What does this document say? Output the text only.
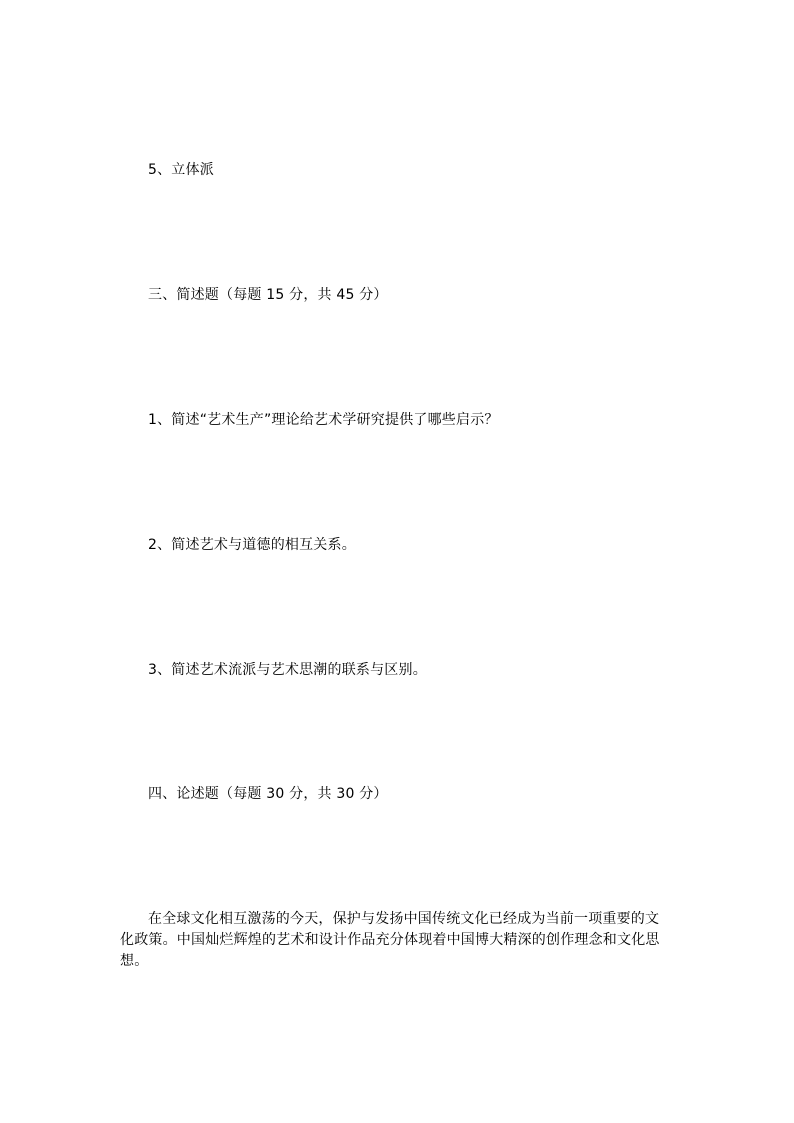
5、立体派
三、简述题（每题 15 分，共 45 分）
1、简述“艺术生产”理论给艺术学研究提供了哪些启示？
2、简述艺术与道德的相互关系。
3、简述艺术流派与艺术思潮的联系与区别。
四、论述题（每题 30 分，共 30 分）

在全球文化相互激荡的今天，保护与发扬中国传统文化已经成为当前一项重要的文化政策。中国灿烂辉煌的艺术和设计作品充分体现着中国博大精深的创作理念和文化思想。
